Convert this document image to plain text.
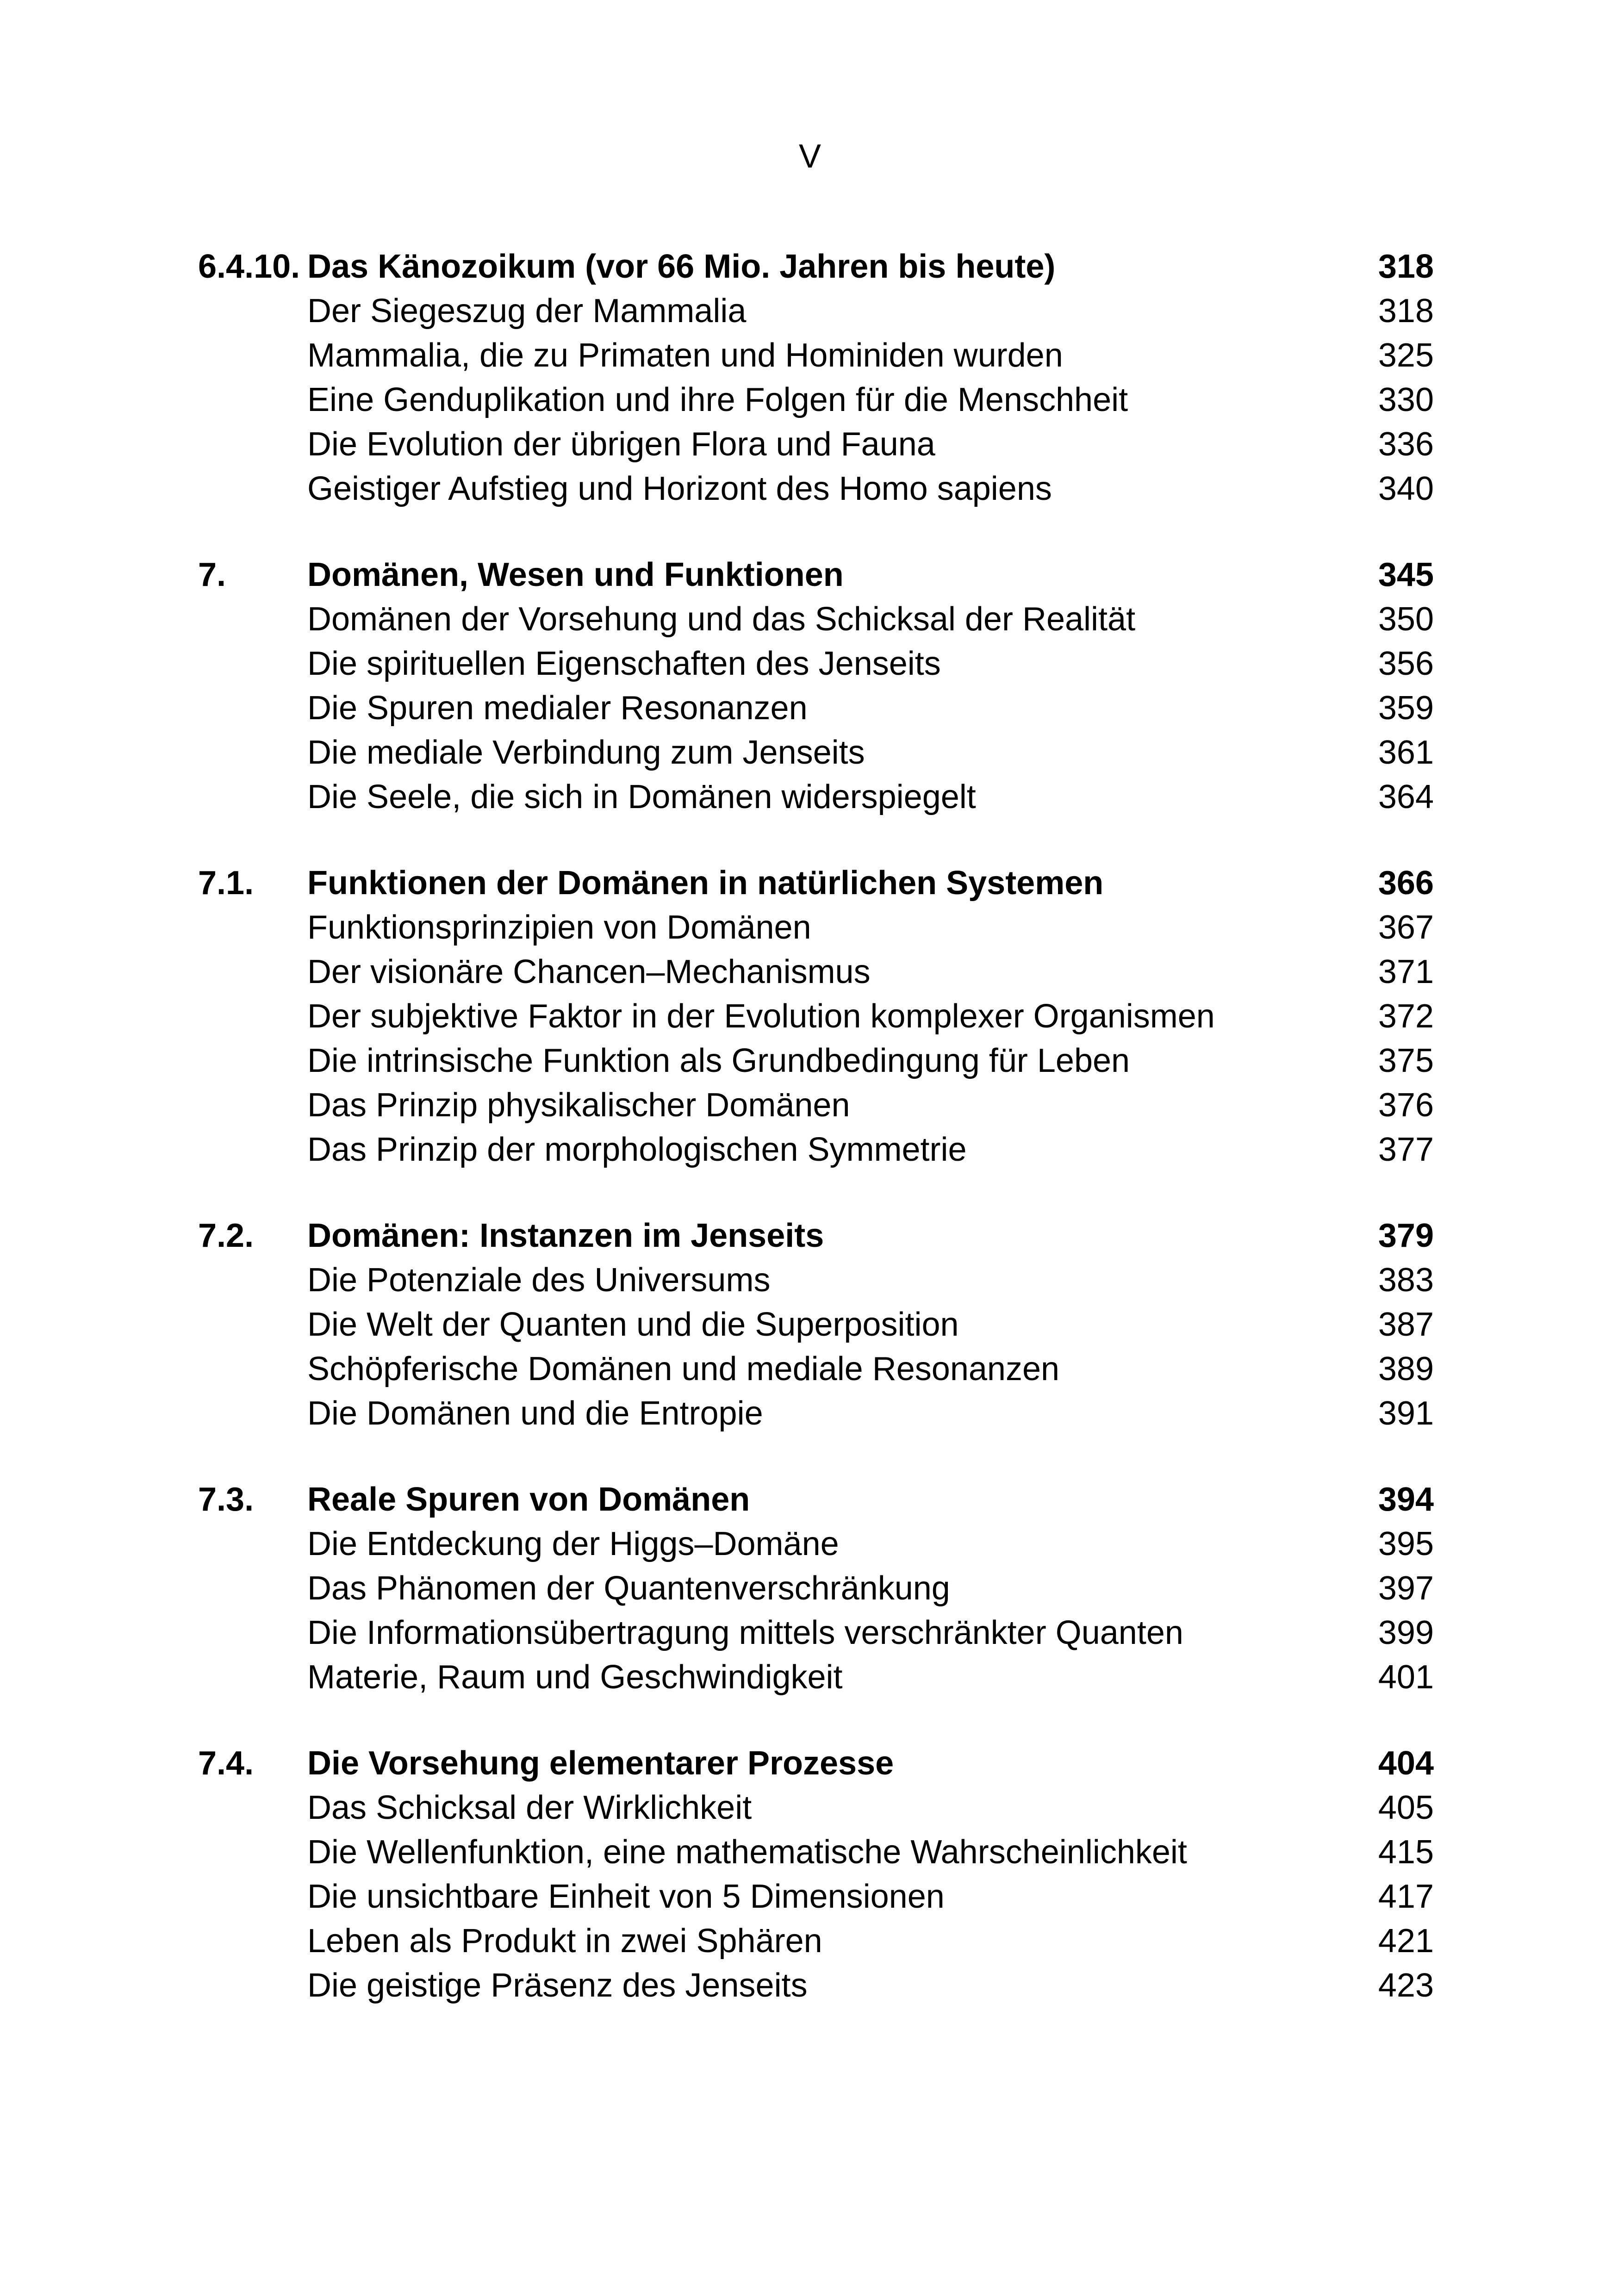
V
6.4.10. Das Känozoikum (vor 66 Mio. Jahren bis heute)	318
Der Siegeszug der Mammalia	318
Mammalia, die zu Primaten und Hominiden wurden	325
Eine Genduplikation und ihre Folgen für die Menschheit	330
Die Evolution der übrigen Flora und Fauna	336
Geistiger Aufstieg und Horizont des Homo sapiens	340
7. Domänen, Wesen und Funktionen	345
Domänen der Vorsehung und das Schicksal der Realität	350
Die spirituellen Eigenschaften des Jenseits	356
Die Spuren medialer Resonanzen	359
Die mediale Verbindung zum Jenseits	361
Die Seele, die sich in Domänen widerspiegelt	364
7.1. Funktionen der Domänen in natürlichen Systemen	366
Funktionsprinzipien von Domänen	367
Der visionäre Chancen–Mechanismus	371
Der subjektive Faktor in der Evolution komplexer Organismen	372
Die intrinsische Funktion als Grundbedingung für Leben	375
Das Prinzip physikalischer Domänen	376
Das Prinzip der morphologischen Symmetrie	377
7.2. Domänen: Instanzen im Jenseits	379
Die Potenziale des Universums	383
Die Welt der Quanten und die Superposition	387
Schöpferische Domänen und mediale Resonanzen	389
Die Domänen und die Entropie	391
7.3. Reale Spuren von Domänen	394
Die Entdeckung der Higgs–Domäne	395
Das Phänomen der Quantenverschränkung	397
Die Informationsübertragung mittels verschränkter Quanten	399
Materie, Raum und Geschwindigkeit	401
7.4. Die Vorsehung elementarer Prozesse	404
Das Schicksal der Wirklichkeit	405
Die Wellenfunktion, eine mathematische Wahrscheinlichkeit	415
Die unsichtbare Einheit von 5 Dimensionen	417
Leben als Produkt in zwei Sphären	421
Die geistige Präsenz des Jenseits	423
